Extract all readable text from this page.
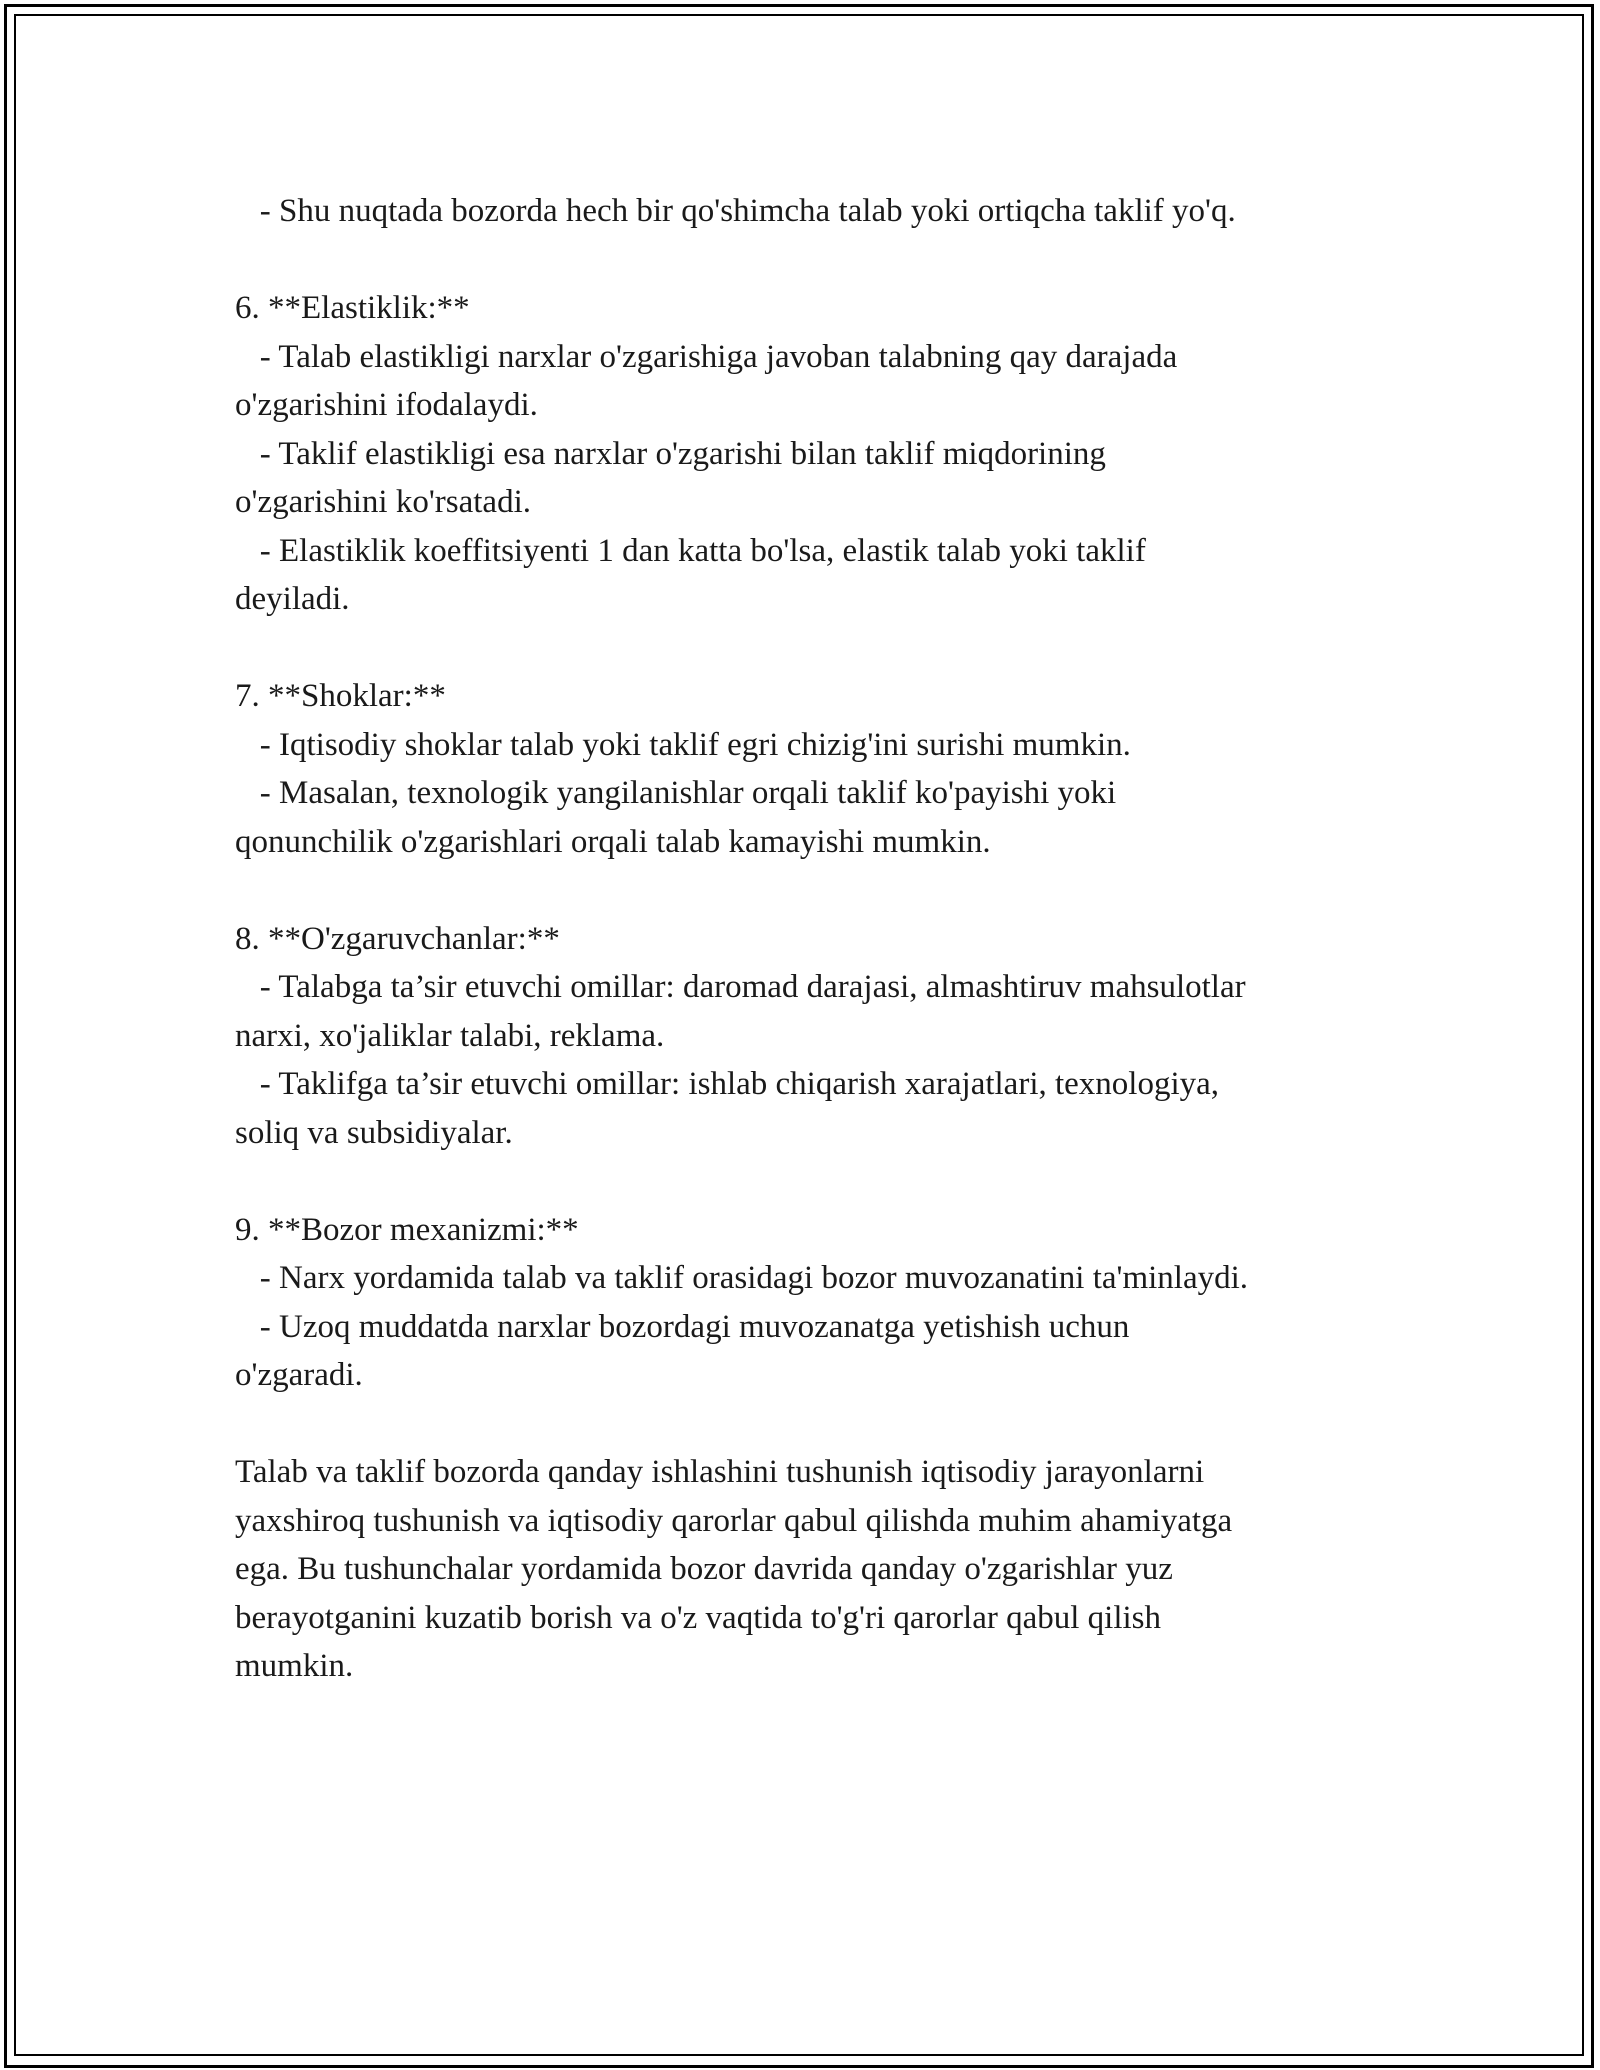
- Shu nuqtada bozorda hech bir qo'shimcha talab yoki ortiqcha taklif yo'q.
6. **Elastiklik:**
- Talab elastikligi narxlar o'zgarishiga javoban talabning qay darajada
o'zgarishini ifodalaydi.
- Taklif elastikligi esa narxlar o'zgarishi bilan taklif miqdorining
o'zgarishini ko'rsatadi.
- Elastiklik koeffitsiyenti 1 dan katta bo'lsa, elastik talab yoki taklif
deyiladi.
7. **Shoklar:**
- Iqtisodiy shoklar talab yoki taklif egri chizig'ini surishi mumkin.
- Masalan, texnologik yangilanishlar orqali taklif ko'payishi yoki
qonunchilik o'zgarishlari orqali talab kamayishi mumkin.
8. **O'zgaruvchanlar:**
- Talabga ta’sir etuvchi omillar: daromad darajasi, almashtiruv mahsulotlar
narxi, xo'jaliklar talabi, reklama.
- Taklifga ta’sir etuvchi omillar: ishlab chiqarish xarajatlari, texnologiya,
soliq va subsidiyalar.
9. **Bozor mexanizmi:**
- Narx yordamida talab va taklif orasidagi bozor muvozanatini ta'minlaydi.
- Uzoq muddatda narxlar bozordagi muvozanatga yetishish uchun
o'zgaradi.
Talab va taklif bozorda qanday ishlashini tushunish iqtisodiy jarayonlarni
yaxshiroq tushunish va iqtisodiy qarorlar qabul qilishda muhim ahamiyatga
ega. Bu tushunchalar yordamida bozor davrida qanday o'zgarishlar yuz
berayotganini kuzatib borish va o'z vaqtida to'g'ri qarorlar qabul qilish
mumkin.
